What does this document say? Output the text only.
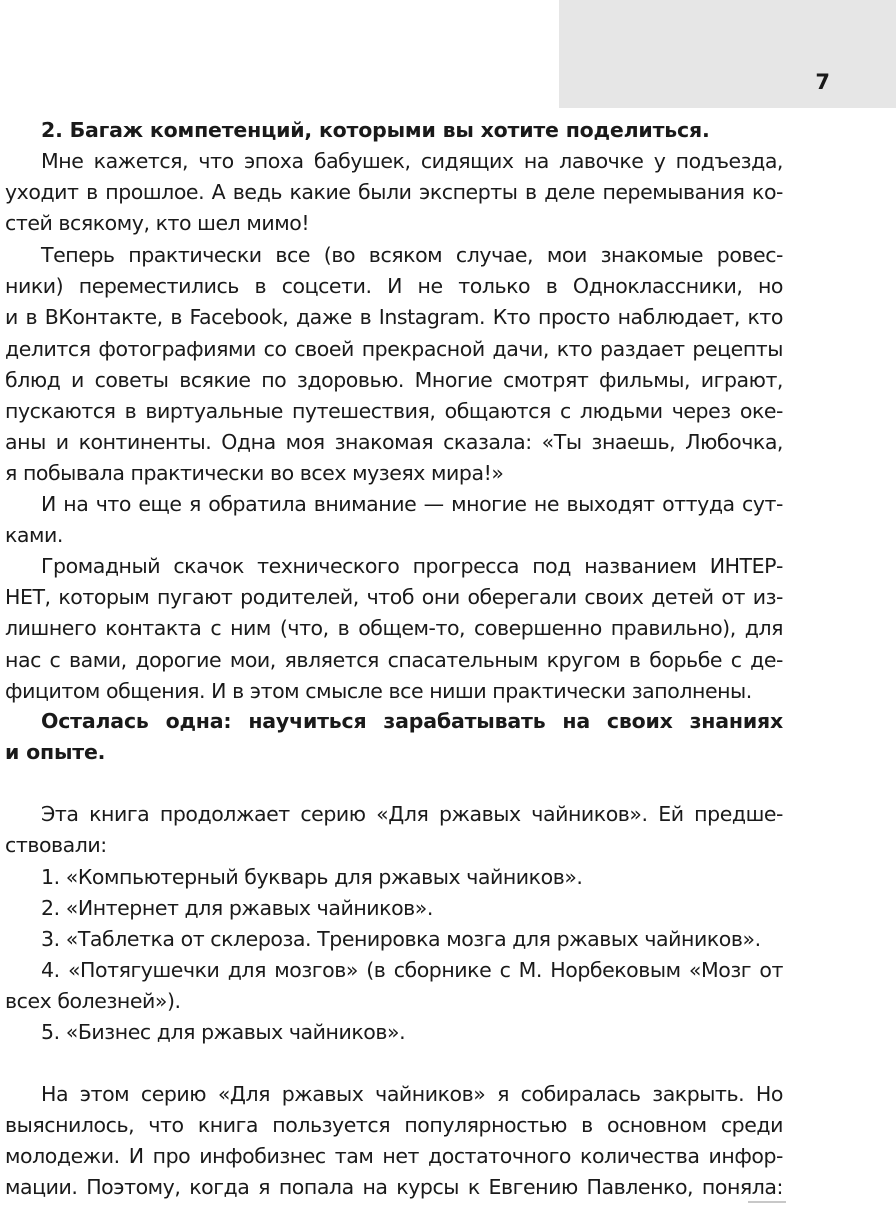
7
2. Багаж компетенций, которыми вы хотите поделиться.
Мне кажется, что эпоха бабушек, сидящих на лавочке у подъезда,
уходит в прошлое. А ведь какие были эксперты в деле перемывания ко-
стей всякому, кто шел мимо!
Теперь практически все (во всяком случае, мои знакомые ровес-
ники) переместились в соцсети. И не только в Одноклассники, но
и в ВКонтакте, в Facebook, даже в Instagram. Кто просто наблюдает, кто
делится фотографиями со своей прекрасной дачи, кто раздает рецепты
блюд и советы всякие по здоровью. Многие смотрят фильмы, играют,
пускаются в виртуальные путешествия, общаются с людьми через оке-
аны и континенты. Одна моя знакомая сказала: «Ты знаешь, Любочка,
я побывала практически во всех музеях мира!»
И на что еще я обратила внимание — многие не выходят оттуда сут-
ками.
Громадный скачок технического прогресса под названием ИНТЕР-
НЕТ, которым пугают родителей, чтоб они оберегали своих детей от из-
лишнего контакта с ним (что, в общем-то, совершенно правильно), для
нас с вами, дорогие мои, является спасательным кругом в борьбе с де-
фицитом общения. И в этом смысле все ниши практически заполнены.
Осталась одна: научиться зарабатывать на своих знаниях
и опыте.
Эта книга продолжает серию «Для ржавых чайников». Ей предше-
ствовали:
1. «Компьютерный букварь для ржавых чайников».
2. «Интернет для ржавых чайников».
3. «Таблетка от склероза. Тренировка мозга для ржавых чайников».
4. «Потягушечки для мозгов» (в сборнике с М. Норбековым «Мозг от
всех болезней»).
5. «Бизнес для ржавых чайников».
На этом серию «Для ржавых чайников» я собиралась закрыть. Но
выяснилось, что книга пользуется популярностью в основном среди
молодежи. И про инфобизнес там нет достаточного количества инфор-
мации. Поэтому, когда я попала на курсы к Евгению Павленко, поняла:
